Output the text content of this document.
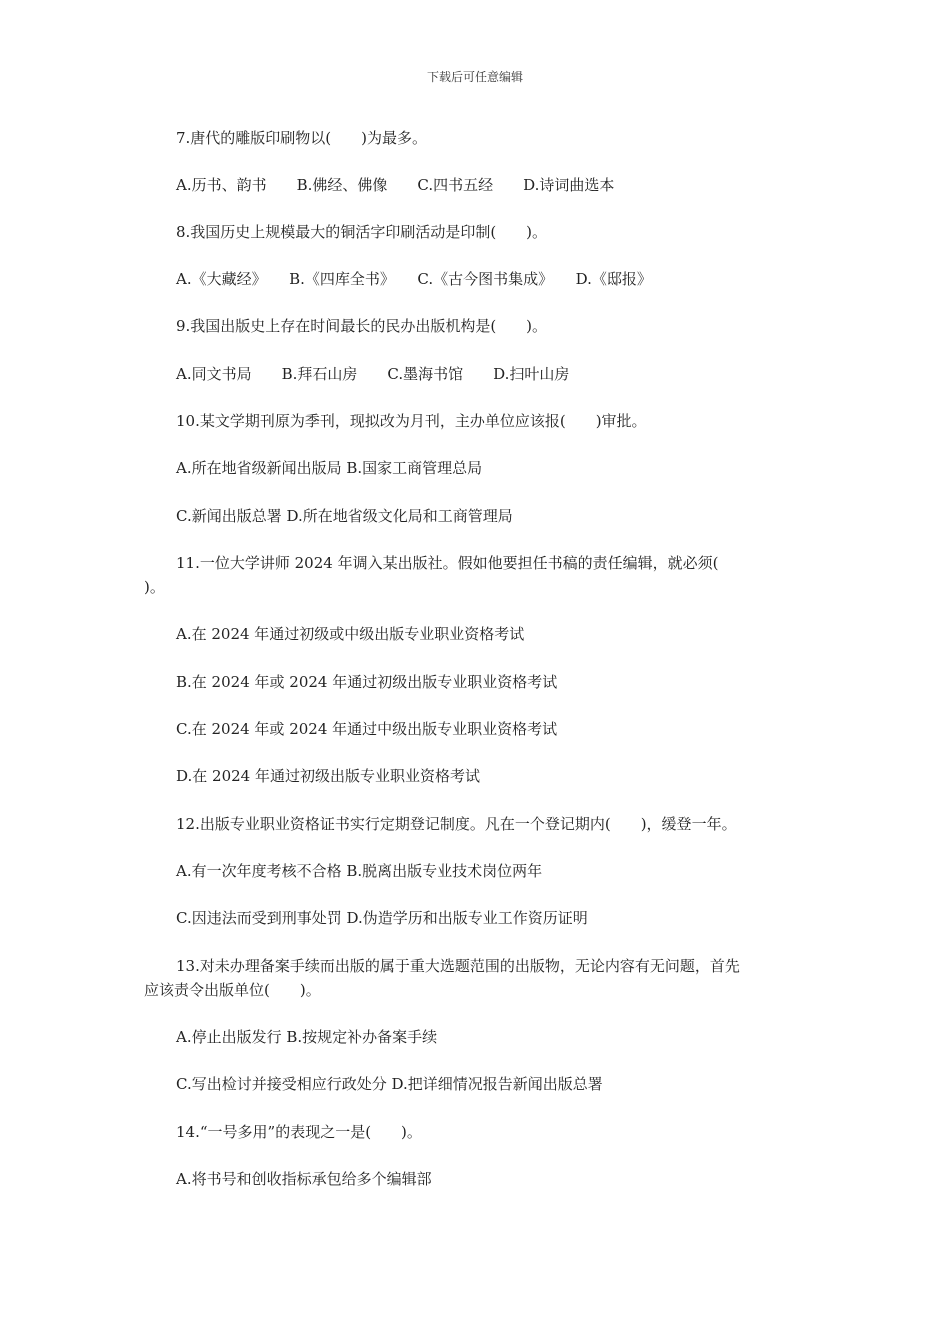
下载后可任意编辑
7.唐代的雕版印刷物以(　　)为最多。
A.历书、韵书　　B.佛经、佛像　　C.四书五经　　D.诗词曲选本
8.我国历史上规模最大的铜活字印刷活动是印制(　　)。
A.《大藏经》　　B.《四库全书》　　C.《古今图书集成》　　D.《邸报》
9.我国出版史上存在时间最长的民办出版机构是(　　)。
A.同文书局　　B.拜石山房　　C.墨海书馆　　D.扫叶山房
10.某文学期刊原为季刊，现拟改为月刊，主办单位应该报(　　)审批。
A.所在地省级新闻出版局 B.国家工商管理总局
C.新闻出版总署 D.所在地省级文化局和工商管理局
11.一位大学讲师 2024 年调入某出版社。假如他要担任书稿的责任编辑，就必须(
)。
A.在 2024 年通过初级或中级出版专业职业资格考试
B.在 2024 年或 2024 年通过初级出版专业职业资格考试
C.在 2024 年或 2024 年通过中级出版专业职业资格考试
D.在 2024 年通过初级出版专业职业资格考试
12.出版专业职业资格证书实行定期登记制度。凡在一个登记期内(　　)，缓登一年。
A.有一次年度考核不合格 B.脱离出版专业技术岗位两年
C.因违法而受到刑事处罚 D.伪造学历和出版专业工作资历证明
13.对未办理备案手续而出版的属于重大选题范围的出版物，无论内容有无问题，首先
应该责令出版单位(　　)。
A.停止出版发行 B.按规定补办备案手续
C.写出检讨并接受相应行政处分 D.把详细情况报告新闻出版总署
14.“一号多用”的表现之一是(　　)。
A.将书号和创收指标承包给多个编辑部
